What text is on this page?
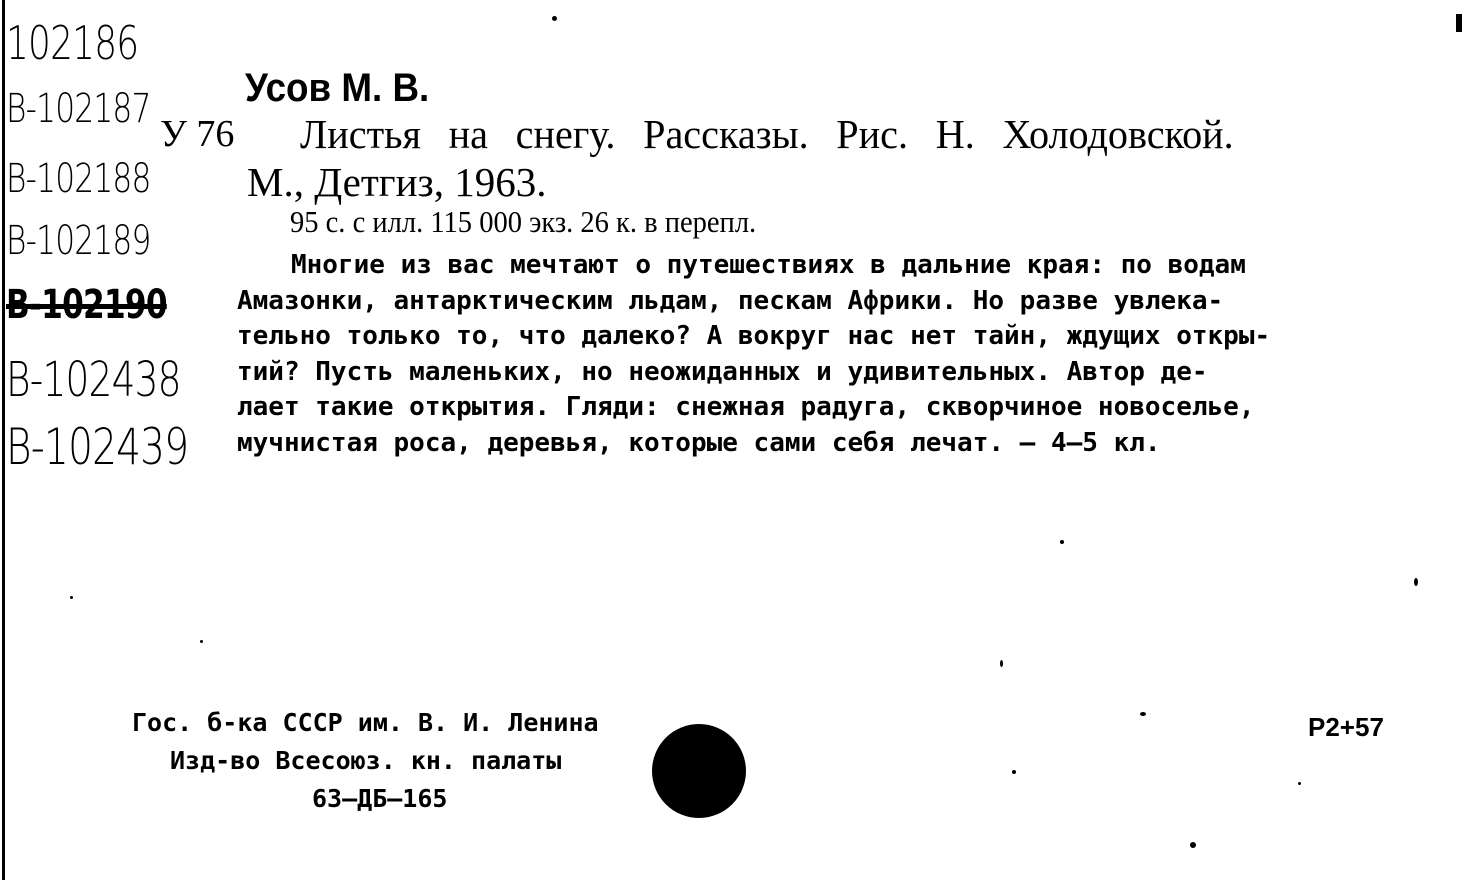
102186
В-102187
В-102188
В-102189
В-102190
В-102438
В-102439
Усов М. В.
У 76 Листья на снегу. Рассказы. Рис. Н. Холодовской.
М., Детгиз, 1963.
95 с. с илл. 115 000 экз. 26 к. в перепл.
Многие из вас мечтают о путешествиях в дальние края: по водам
Амазонки, антарктическим льдам, пескам Африки. Но разве увлека-
тельно только то, что далеко? А вокруг нас нет тайн, ждущих откры-
тий? Пусть маленьких, но неожиданных и удивительных. Автор де-
лает такие открытия. Гляди: снежная радуга, скворчиное новоселье,
мучнистая роса, деревья, которые сами себя лечат. — 4—5 кл.
Гос. б-ка СССР им. В. И. Ленина
Изд-во Всесоюз. кн. палаты
63—ДБ—165
Р2+57
